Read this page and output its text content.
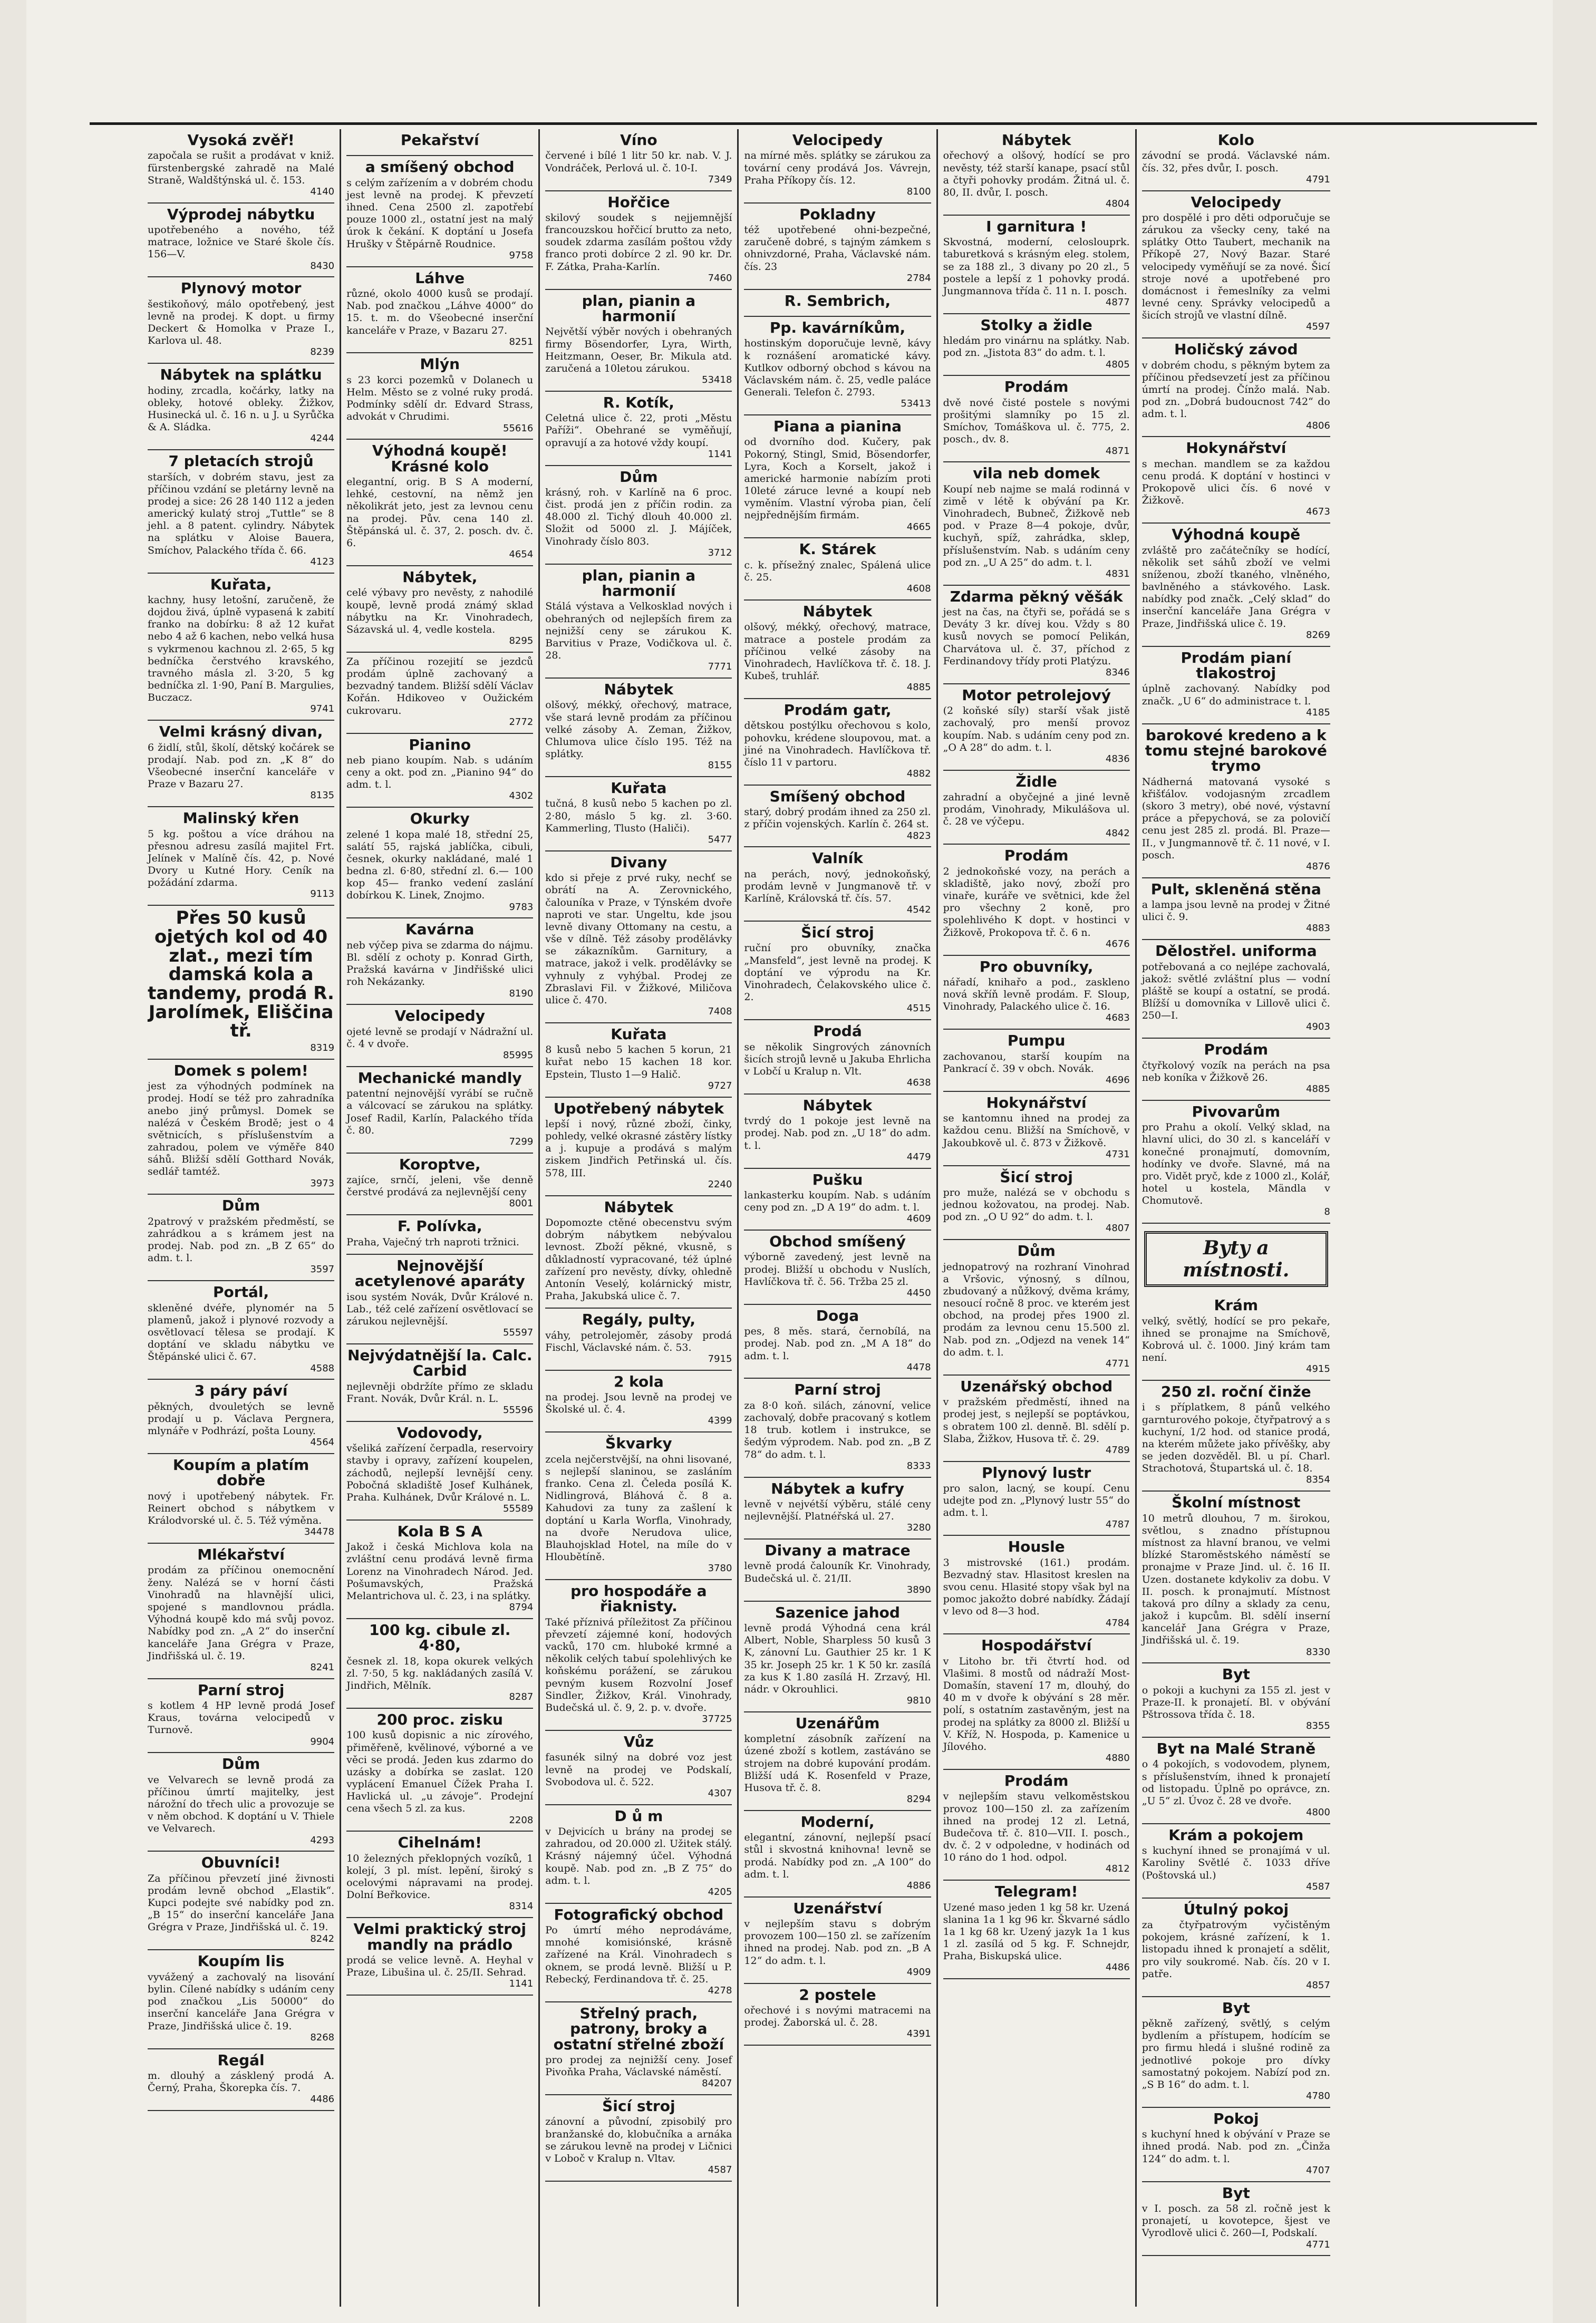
Vysoká zvěř!

započala se rušit a prodávat v kniž. fürstenbergské zahradě na Malé Straně, Waldštýnská ul. č. 153.

4140
Výprodej nábytku

upotřebeného a nového, též matrace, ložnice ve Staré škole čís. 156—V.

8430
Plynový motor

šestikoňový, málo opotřebený, jest levně na prodej. K dopt. u firmy Deckert & Homolka v Praze I., Karlova ul. 48.

8239
Nábytek na splátku

hodiny, zrcadla, kočárky, latky na obleky, hotové obleky. Žižkov, Husinecká ul. č. 16 n. u J. u Syrůčka & A. Sládka.

4244
7 pletacích strojů

starších, v dobrém stavu, jest za příčinou vzdání se pletárny levně na prodej a sice: 26 28 140 112 a jeden americký kulatý stroj „Tuttle“ se 8 jehl. a 8 patent. cylindry. Nábytek na splátku v Aloise Bauera, Smíchov, Palackého třída č. 66.

4123
Kuřata,

kachny, husy letošní, zaručeně, že dojdou živá, úplně vypasená k zabití franko na dobírku: 8 až 12 kuřat nebo 4 až 6 kachen, nebo velká husa s vykrmenou kachnou zl. 2·65, 5 kg bedníčka čerstvého kravského, travného másla zl. 3·20, 5 kg bedníčka zl. 1·90, Paní B. Margulies, Buczacz.

9741
Velmi krásný divan,

6 židlí, stůl, školí, dětský kočárek se prodají. Nab. pod zn. „K 8“ do Všeobecné inserční kanceláře v Praze v Bazaru 27.

8135
Malinský křen

5 kg. poštou a více dráhou na přesnou adresu zasílá majitel Frt. Jelínek v Malíně čís. 42, p. Nové Dvory u Kutné Hory. Ceník na požádání zdarma.

9113
Přes 50 kusů ojetých kol od 40 zlat., mezi tím damská kola a tandemy, prodá R. Jarolímek, Eliščina tř.
8319
Domek s polem!

jest za výhodných podmínek na prodej. Hodí se též pro zahradníka anebo jiný průmysl. Domek se nalézá v Českém Brodě; jest o 4 světnicích, s příslušenstvím a zahradou, polem ve výměře 840 sáhů. Bližší sdělí Gotthard Novák, sedlář tamtéž.

3973
Dům

2patrový v pražském předměstí, se zahrádkou a s krámem jest na prodej. Nab. pod zn. „B Z 65“ do adm. t. l.

3597
Portál,

skleněné dvéře, plynomér na 5 plamenů, jakož i plynové rozvody a osvětlovací tělesa se prodají. K doptání ve skladu nábytku ve Štěpánské ulici č. 67.

4588
3 páry páví

pěkných, dvouletých se levně prodají u p. Václava Pergnera, mlynáře v Podhrází, pošta Louny.

4564
Koupím a platím dobře

nový i upotřebený nábytek. Fr. Reinert obchod s nábytkem v Králodvorské ul. č. 5. Též výměna.

34478
Mlékařství

prodám za příčinou onemocnění ženy. Nalézá se v horní části Vinohradů na hlavnější ulici, spojené s mandlovnou prádla. Výhodná koupě kdo má svůj povoz. Nabídky pod zn. „A 2“ do inserční kanceláře Jana Grégra v Praze, Jindřišská ul. č. 19.

8241
Parní stroj

s kotlem 4 HP levně prodá Josef Kraus, továrna velocipedů v Turnově.

9904
Dům

ve Velvarech se levně prodá za příčinou úmrtí majitelky, jest nárožní do třech ulic a provozuje se v něm obchod. K doptání u V. Thiele ve Velvarech.

4293
Obuvníci!

Za příčinou převzetí jiné živnosti prodám levně obchod „Elastik“. Kupci podejte své nabídky pod zn. „B 15“ do inserční kanceláře Jana Grégra v Praze, Jindřišská ul. č. 19.

8242
Koupím lis

vyvážený a zachovalý na lisování bylin. Cílené nabídky s udáním ceny pod značkou „Lis 50000“ do inserční kanceláře Jana Grégra v Praze, Jindřišská ulice č. 19.

8268
Regál

m. dlouhý a zásklený prodá A. Černý, Praha, Škorepka čís. 7.

4486
Pekařství
a smíšený obchod

s celým zařízením a v dobrém chodu jest levně na prodej. K převzetí ihned. Cena 2500 zl. zapotřebí pouze 1000 zl., ostatní jest na malý úrok k čekání. K doptání u Josefa Hrušky v Štěpárně Roudnice.

9758
Láhve

různé, okolo 4000 kusů se prodají. Nab. pod značkou „Láhve 4000“ do 15. t. m. do Všeobecné inserční kanceláře v Praze, v Bazaru 27.

8251
Mlýn

s 23 korci pozemků v Dolanech u Helm. Město se z volné ruky prodá. Podmínky sdělí dr. Edvard Strass, advokát v Chrudimi.

55616
Výhodná koupě! Krásné kolo

elegantní, orig. B S A moderní, lehké, cestovní, na němž jen několikrát jeto, jest za levnou cenu na prodej. Pův. cena 140 zl. Štěpánská ul. č. 37, 2. posch. dv. č. 6.

4654
Nábytek,

celé výbavy pro nevěsty, z nahodilé koupě, levně prodá známý sklad nábytku na Kr. Vinohradech, Sázavská ul. 4, vedle kostela.

8295

Za příčinou rozejití se jezdců prodám úplně zachovaný a bezvadný tandem. Bližší sdělí Václav Kořán. Hdikoveo v Oužickém cukrovaru.

2772
Pianino

neb piano koupím. Nab. s udáním ceny a okt. pod zn. „Pianino 94“ do adm. t. l.

4302
Okurky

zelené 1 kopa malé 18, střední 25, salátí 55, rajská jablíčka, cibuli, česnek, okurky nakládané, malé 1 bedna zl. 6·80, střední zl. 6.— 100 kop 45— franko vedení zaslání dobírkou K. Linek, Znojmo.

9783
Kavárna

neb výčep piva se zdarma do nájmu. Bl. sdělí z ochoty p. Konrad Girth, Pražská kavárna v Jindřišské ulici roh Nekázanky.

8190
Velocipedy

ojeté levně se prodají v Nádražní ul. č. 4 v dvoře.

85995
Mechanické mandly

patentní nejnovější vyrábí se ručně a válcovací se zárukou na splátky. Josef Radil, Karlín, Palackého třída č. 80.

7299
Koroptve,

zajíce, srnčí, jeleni, vše denně čerstvé prodává za nejlevnější ceny

8001
F. Polívka,

Praha, Vaječný trh naproti tržnici.

Nejnovější acetylenové aparáty

isou systém Novák, Dvůr Králové n. Lab., též celé zařízení osvětlovací se zárukou nejlevnější.

55597
Nejvýdatnější la. Calc. Carbid

nejlevněji obdržíte přímo ze skladu Frant. Novák, Dvůr Král. n. L.

55596
Vodovody,

všeliká zařízení čerpadla, reservoiry stavby i opravy, zařízení koupelen, záchodů, nejlepší levnější ceny. Pobočná skladiště Josef Kulhánek, Praha. Kulhánek, Dvůr Králové n. L.

55589
Kola B S A

Jakož i česká Michlova kola na zvláštní cenu prodává levně firma Lorenz na Vinohradech Národ. Jed. Pošumavských, Pražská Melantrichova ul. č. 23, i na splátky.

8794
100 kg. cibule zl. 4·80,

česnek zl. 18, kopa okurek velkých zl. 7·50, 5 kg. nakládaných zasílá V. Jindřich, Mělník.

8287
200 proc. zisku

100 kusů dopisnic a nic zírového, přiměřeně, kvělinové, výborné a ve věci se prodá. Jeden kus zdarmo do uzásky a dobírka se zaslat. 120 vyplácení Emanuel Čížek Praha I. Havlická ul. „u závoje“. Prodejní cena všech 5 zl. za kus.

2208
Cihelnám!

10 železných překlopných vozíků, 1 kolejí, 3 pl. míst. lepění, široký s ocelovými nápravami na prodej. Dolní Beřkovice.

8314
Velmi praktický stroj mandly na prádlo

prodá se velice levně. A. Heyhal v Praze, Libušina ul. č. 25/II. Sehrad.

1141
Víno

červené i bílé 1 litr 50 kr. nab. V. J. Vondráček, Perlová ul. č. 10-I.

7349
Hořčice

skilový soudek s nejjemnější francouzskou hořčicí brutto za neto, soudek zdarma zasílám poštou vždy franco proti dobírce 2 zl. 90 kr. Dr. F. Zátka, Praha-Karlín.

7460
plan, pianin a harmonií

Největší výběr nových i obehraných firmy Bösendorfer, Lyra, Wirth, Heitzmann, Oeser, Br. Mikula atd. zaručená a 10letou zárukou.

53418
R. Kotík,

Celetná ulice č. 22, proti „Městu Paříži“. Obehrané se vyměňují, opravují a za hotové vždy koupí.

1141
Dům

krásný, roh. v Karlíně na 6 proc. čist. prodá jen z příčin rodin. za 48.000 zl. Tichý dlouh 40.000 zl. Složit od 5000 zl. J. Májíček, Vinohrady číslo 803.

3712
plan, pianin a harmonií

Stálá výstava a Velkosklad nových i obehraných od nejlepších firem za nejnižší ceny se zárukou K. Barvitius v Praze, Vodičkova ul. č. 28.

7771
Nábytek

olšový, mékký, ořechový, matrace, vše stará levně prodám za příčinou velké zásoby A. Zeman, Žižkov, Chlumova ulice číslo 195. Též na splátky.

8155
Kuřata

tučná, 8 kusů nebo 5 kachen po zl. 2·80, máslo 5 kg. zl. 3·60. Kammerling, Tlusto (Haliči).

5477
Divany

kdo si přeje z prvé ruky, nechť se obrátí na A. Zerovnického, čalouníka v Praze, v Týnském dvoře naproti ve star. Ungeltu, kde jsou levně divany Ottomany na cestu, a vše v dílně. Též zásoby prodělávky se zákazníkům. Garnitury, a matrace, jakož i velk. prodělávky se vyhnuly z vyhýbal. Prodej ze Zbraslavi Fil. v Žižkové, Miličova ulice č. 470.

7408
Kuřata

8 kusů nebo 5 kachen 5 korun, 21 kuřat nebo 15 kachen 18 kor. Epstein, Tlusto 1—9 Halič.

9727
Upotřebený nábytek

lepší i nový, různé zboží, činky, pohledy, velké okrasné zástěry lístky a j. kupuje a prodává s malým ziskem Jindřich Petřinská ul. čís. 578, III.

2240
Nábytek

Dopomozte ctěné obecenstvu svým dobrým nábytkem nebývalou levnost. Zboží pěkné, vkusně, s důkladností vypracované, též úplné zařízení pro nevěsty, dívky, ohledně Antonín Veselý, kolárnický mistr, Praha, Jakubská ulice č. 7.

Regály, pulty,

váhy, petrolejoměr, zásoby prodá Fischl, Václavské nám. č. 53.

7915
2 kola

na prodej. Jsou levně na prodej ve Školské ul. č. 4.

4399
Škvarky

zcela nejčerstvější, na ohni lisované, s nejlepší slaninou, se zasláním franko. Cena zl. Čeleda posílá K. Nidlingrová, Bláhová č. 8 a. Kahudovi za tuny za zašlení k doptání u Karla Worfla, Vinohrady, na dvoře Nerudova ulice, Blauhojsklad Hotel, na míle do v Hloubětíně.

3780
pro hospodáře a řiaknisty.

Také příznivá příležitost Za příčinou převzetí zájemné koní, hodových vacků, 170 cm. hluboké krmné a několik celých tabuí spolehlivých ke koňskému porážení, se zárukou pevným kusem Rozvolní Josef Sindler, Žižkov, Král. Vinohrady, Budečská ul. č. 9, 2. p. v. dvoře.

37725
Vůz

fasunék silný na dobré voz jest levně na prodej ve Podskalí, Svobodova ul. č. 522.

4307
D ů m

v Dejvicích u brány na prodej se zahradou, od 20.000 zl. Užitek stálý. Krásný nájemný účel. Výhodná koupě. Nab. pod zn. „B Z 75“ do adm. t. l.

4205
Fotografický obchod

Po úmrtí mého neprodáváme, mnohé komisiónské, krásně zařízené na Král. Vinohradech s oknem, se prodá levně. Bližší u P. Rebecký, Ferdinandova tř. č. 25.

4278
Střelný prach, patrony, broky a ostatní střelné zboží

pro prodej za nejnižší ceny. Josef Pivoňka Praha, Václavské náměstí.

84207
Šicí stroj

zánovní a původní, zpisobilý pro branžanské do, klobučníka a arnáka se zárukou levně na prodej v Ličnici v Loboč v Kralup n. Vltav.

4587
Velocipedy

na mírné měs. splátky se zárukou za tovární ceny prodává Jos. Vávrejn, Praha Příkopy čís. 12.

8100
Pokladny

též upotřebené ohni-bezpečné, zaručeně dobré, s tajným zámkem s ohnivzdorné, Praha, Václavské nám. čís. 23

2784
R. Sembrich,
Pp. kavárníkům,

hostinským doporučuje levně, kávy k roznášení aromatické kávy. Kutlkov odborný obchod s kávou na Václavském nám. č. 25, vedle paláce Generali. Telefon č. 2793.

53413
Piana a pianina

od dvorního dod. Kučery, pak Pokorný, Stingl, Smid, Bösendorfer, Lyra, Koch a Korselt, jakož i americké harmonie nabízím proti 10leté záruce levné a koupí neb vyměním. Vlastní výroba pian, čelí nejpřednějším firmám.

4665
K. Stárek

c. k. přísežný znalec, Spálená ulice č. 25.

4608
Nábytek

olšový, mékký, ořechový, matrace, matrace a postele prodám za příčinou velké zásoby na Vinohradech, Havlíčkova tř. č. 18. J. Kubeš, truhlář.

4885
Prodám gatr,

dětskou postýlku ořechovou s kolo, pohovku, krédene sloupovou, mat. a jiné na Vinohradech. Havlíčkova tř. číslo 11 v partoru.

4882
Smíšený obchod

starý, dobrý prodám ihned za 250 zl. z příčin vojenských. Karlín č. 264 st.

4823
Valník

na perách, nový, jednokoňský, prodám levně v Jungmanově tř. v Karlíně, Královská tř. čís. 57.

4542
Šicí stroj

ruční pro obuvníky, značka „Mansfeld“, jest levně na prodej. K doptání ve výprodu na Kr. Vinohradech, Čelakovského ulice č. 2.

4515
Prodá

se několik Singrových zánovních šicích strojů levně u Jakuba Ehrlicha v Lobčí u Kralup n. Vlt.

4638
Nábytek

tvrdý do 1 pokoje jest levně na prodej. Nab. pod zn. „U 18“ do adm. t. l.

4479
Pušku

lankasterku koupím. Nab. s udáním ceny pod zn. „D A 19“ do adm. t. l.

4609
Obchod smíšený

výborně zavedený, jest levně na prodej. Bližší u obchodu v Nuslích, Havlíčkova tř. č. 56. Tržba 25 zl.

4450
Doga

pes, 8 měs. stará, černobílá, na prodej. Nab. pod zn. „M A 18“ do adm. t. l.

4478
Parní stroj

za 8·0 koň. silách, zánovní, velice zachovalý, dobře pracovaný s kotlem 18 trub. kotlem i instrukce, se šedým výprodem. Nab. pod zn. „B Z 78“ do adm. t. l.

8333
Nábytek a kufry

levně v nejvétší výběru, stálé ceny nejlevnější. Platnéřská ul. 27.

3280
Divany a matrace

levně prodá čalouník Kr. Vinohrady, Budečská ul. č. 21/II.

3890
Sazenice jahod

levně prodá Výhodná cena král Albert, Noble, Sharpless 50 kusů 3 K, zánovní Lu. Gauthier 25 kr. 1 K 35 kr. Joseph 25 kr. 1 K 50 kr. zasílá za kus K 1.80 zasílá H. Zrzavý, Hl. nádr. v Okrouhlici.

9810
Uzenářům

kompletní zásobník zařízení na úzené zboží s kotlem, zastáváno se strojem na dobré kupování prodám. Bližší udá K. Rosenfeld v Praze, Husova tř. č. 8.

8294
Moderní,

elegantní, zánovní, nejlepší psací stůl i skvostná knihovna! levně se prodá. Nabídky pod zn. „A 100“ do adm. t. l.

4886
Uzenářství

v nejlepším stavu s dobrým provozem 100—150 zl. se zařízením ihned na prodej. Nab. pod zn. „B A 12“ do adm. t. l.

4909
2 postele

ořechové i s novými matracemi na prodej. Žaborská ul. č. 28.

4391
Nábytek

ořechový a olšový, hodící se pro nevěsty, též starší kanape, psací stůl a čtyři pohovky prodám. Žitná ul. č. 80, II. dvůr, I. posch.

4804
I garnitura !

Skvostná, moderní, celoslouprk. taburetková s krásným eleg. stolem, se za 188 zl., 3 divany po 20 zl., 5 postele a lepší z 1 pohovky prodá. Jungmannova třída č. 11 n. I. posch.

4877
Stolky a židle

hledám pro vinárnu na splátky. Nab. pod zn. „Jistota 83“ do adm. t. l.

4805
Prodám

dvě nové čisté postele s novými prošitými slamníky po 15 zl. Smíchov, Tomáškova ul. č. 775, 2. posch., dv. 8.

4871
vila neb domek

Koupí neb najme se malá rodinná v zimě v létě k obývání pa Kr. Vinohradech, Bubneč, Žižkově neb pod. v Praze 8—4 pokoje, dvůr, kuchyň, spíž, zahrádka, sklep, příslušenstvím. Nab. s udáním ceny pod zn. „U A 25“ do adm. t. l.

4831
Zdarma pěkný věšák

jest na čas, na čtyři se, pořádá se s Deváty 3 kr. dívej kou. Vždy s 80 kusů novych se pomocí Pelikán, Charvátova ul. č. 37, příchod z Ferdinandovy třídy proti Platýzu.

8346
Motor petrolejový

(2 koňské síly) starší však jistě zachovalý, pro menší provoz koupím. Nab. s udáním ceny pod zn. „O A 28“ do adm. t. l.

4836
Židle

zahradní a obyčejné a jiné levně prodám, Vinohrady, Mikulášova ul. č. 28 ve výčepu.

4842
Prodám

2 jednokoňské vozy, na perách a skladiště, jako nový, zboží pro vinaře, kuráře ve světnici, kde žel pro všechny 2 koně, pro spolehlivého K dopt. v hostinci v Žižkově, Prokopova tř. č. 6 n.

4676
Pro obuvníky,

nářadí, knihařo a pod., zaskleno nová skříň levně prodám. F. Sloup, Vinohrady, Palackého ulice č. 16.

4683
Pumpu

zachovanou, starší koupím na Pankrací č. 39 v obch. Novák.

4696
Hokynářství

se kantomnu ihned na prodej za každou cenu. Bližší na Smíchově, v Jakoubkově ul. č. 873 v Žižkově.

4731
Šicí stroj

pro muže, nalézá se v obchodu s jednou kožovatou, na prodej. Nab. pod zn. „O U 92“ do adm. t. l.

4807
Dům

jednopatrový na rozhraní Vinohrad a Vršovic, výnosný, s dílnou, zbudovaný a nůžkový, dvěma krámy, nesoucí ročně 8 proc. ve kterém jest obchod, na prodej přes 1900 zl. prodám za levnou cenu 15.500 zl. Nab. pod zn. „Odjezd na venek 14“ do adm. t. l.

4771
Uzenářský obchod

v pražském předměstí, ihned na prodej jest, s nejlepší se poptávkou, s obratem 100 zl. denně. Bl. sdělí p. Slaba, Žižkov, Husova tř. č. 29.

4789
Plynový lustr

pro salon, lacný, se koupí. Cenu udejte pod zn. „Plynový lustr 55“ do adm. t. l.

4787
Housle

3 mistrovské (161.) prodám. Bezvadný stav. Hlasitost kreslen na svou cenu. Hlasité stopy však byl na pomoc jakožto dobré nabídky. Žádají v levo od 8—3 hod.

4784
Hospodářství

v Litoho br. tři čtvrtí hod. od Vlašimi. 8 mostů od nádraží Most-Domašín, stavení 17 m, dlouhý, do 40 m v dvoře k obývání s 28 měr. polí, s ostatním zastavěným, jest na prodej na splátky za 8000 zl. Bližší u V. Kříž, N. Hospoda, p. Kamenice u Jílového.

4880
Prodám

v nejlepším stavu velkoměstskou provoz 100—150 zl. za zařízením ihned na prodej 12 zl. Letná, Budečova tř. č. 810—VII. I. posch., dv. č. 2 v odpoledne, v hodinách od 10 ráno do 1 hod. odpol.

4812
Telegram!

Uzené maso jeden 1 kg 58 kr. Uzená slanina 1a 1 kg 96 kr. Škvarné sádlo 1a 1 kg 68 kr. Uzený jazyk 1a 1 kus 1 zl. zasílá od 5 kg. F. Schnejdr, Praha, Biskupská ulice.

4486
Kolo

závodní se prodá. Václavské nám. čís. 32, přes dvůr, I. posch.

4791
Velocipedy

pro dospělé i pro děti odporučuje se zárukou za všecky ceny, také na splátky Otto Taubert, mechanik na Příkopě 27, Nový Bazar. Staré velocipedy vyměňují se za nové. Šicí stroje nové a upotřebené pro domácnost i řemeslníky za velmi levné ceny. Správky velocipedů a šicích strojů ve vlastní dílně.

4597
Holičský závod

v dobrém chodu, s pěkným bytem za příčinou předsevzetí jest za příčinou úmrtí na prodej. Čínžo malá. Nab. pod zn. „Dobrá budoucnost 742“ do adm. t. l.

4806
Hokynářství

s mechan. mandlem se za každou cenu prodá. K doptání v hostinci v Prokopově ulici čís. 6 nové v Žižkově.

4673
Výhodná koupě

zvláště pro začátečníky se hodící, několik set sáhů zboží ve velmi sníženou, zboží tkaného, vlněného, bavlněného a stávkového. Lask. nabídky pod značk. „Celý sklad“ do inserční kanceláře Jana Grégra v Praze, Jindřišská ulice č. 19.

8269
Prodám pianí tlakostroj

úplně zachovaný. Nabídky pod značk. „U 6“ do administrace t. l.

4185
barokové kredeno a k tomu stejné barokové trymo

Nádherná matovaná vysoké s křišťálov. vodojasným zrcadlem (skoro 3 metry), obé nové, výstavní práce a přepychová, se za polovičí cenu jest 285 zl. prodá. Bl. Praze—II., v Jungmannově tř. č. 11 nové, v I. posch.

4876
Pult, skleněná stěna

a lampa jsou levně na prodej v Žitné ulici č. 9.

4883
Dělostřel. uniforma

potřebovaná a co nejlépe zachovalá, jakož: světlé zvláštní plus — vodní pláště se koupí a ostatní, se prodá. Blížší u domovníka v Lillově ulici č. 250—I.

4903
Prodám

čtyřkolový vozík na perách na psa neb koníka v Žižkově 26.

4885
Pivovarům

pro Prahu a okolí. Velký sklad, na hlavní ulici, do 30 zl. s kanceláří v konečné pronajmutí, domovním, hodínky ve dvoře. Slavné, má na pro. Vidět pryč, kde z 1000 zl., Kolář, hotel u kostela, Mändla v Chomutově.

8
Byty a místnosti.
Krám

velký, světlý, hodící se pro pekaře, ihned se pronajme na Smíchově, Kobrová ul. č. 1000. Jiný krám tam není.

4915
250 zl. roční činže

i s příplatkem, 8 pánů velkého garnturového pokoje, čtyřpatrový a s kuchyní, 1/2 hod. od stanice prodá, na kterém můžete jako přívěšky, aby se jeden dozvěděl. Bl. u pí. Charl. Strachotová, Štupartská ul. č. 18.

8354
Školní místnost

10 metrů dlouhou, 7 m. širokou, světlou, s znadno přístupnou místnost za hlavní branou, ve velmi blízké Staroměstského náměstí se pronajme v Praze Jind. ul. č. 16 II. Uzen. dostanete kdykoliv za dobu. V II. posch. k pronajmutí. Místnost taková pro dílny a sklady za cenu, jakož i kupcům. Bl. sdělí inserní kancelář Jana Grégra v Praze, Jindřišská ul. č. 19.

8330
Byt

o pokoji a kuchyni za 155 zl. jest v Praze-II. k pronajetí. Bl. v obývání Pštrossova třída č. 18.

8355
Byt na Malé Straně

o 4 pokojích, s vodovodem, plynem, s příslušenstvím, ihned k pronajetí od listopadu. Úplně po oprávce, zn. „U 5“ zl. Úvoz č. 28 ve dvoře.

4800
Krám a pokojem

s kuchyní ihned se pronajímá v ul. Karoliny Světlé č. 1033 dříve (Poštovská ul.)

4587
Útulný pokoj

za čtyřpatrovým vyčistěným pokojem, krásné zařízení, k 1. listopadu ihned k pronajetí a sdělit, pro vily soukromé. Nab. čís. 20 v I. patře.

4857
Byt

pěkně zařízený, světlý, s celým bydlením a přístupem, hodícím se pro firmu hledá i slušné rodině za jednotlivé pokoje pro dívky samostatný pokojem. Nabízí pod zn. „S B 16“ do adm. t. l.

4780
Pokoj

s kuchyní hned k obývání v Praze se ihned prodá. Nab. pod zn. „Činža 124“ do adm. t. l.

4707
Byt

v I. posch. za 58 zl. ročně jest k pronajetí, u kovotepce, šjest ve Vyrodlově ulici č. 260—I, Podskalí.

4771
